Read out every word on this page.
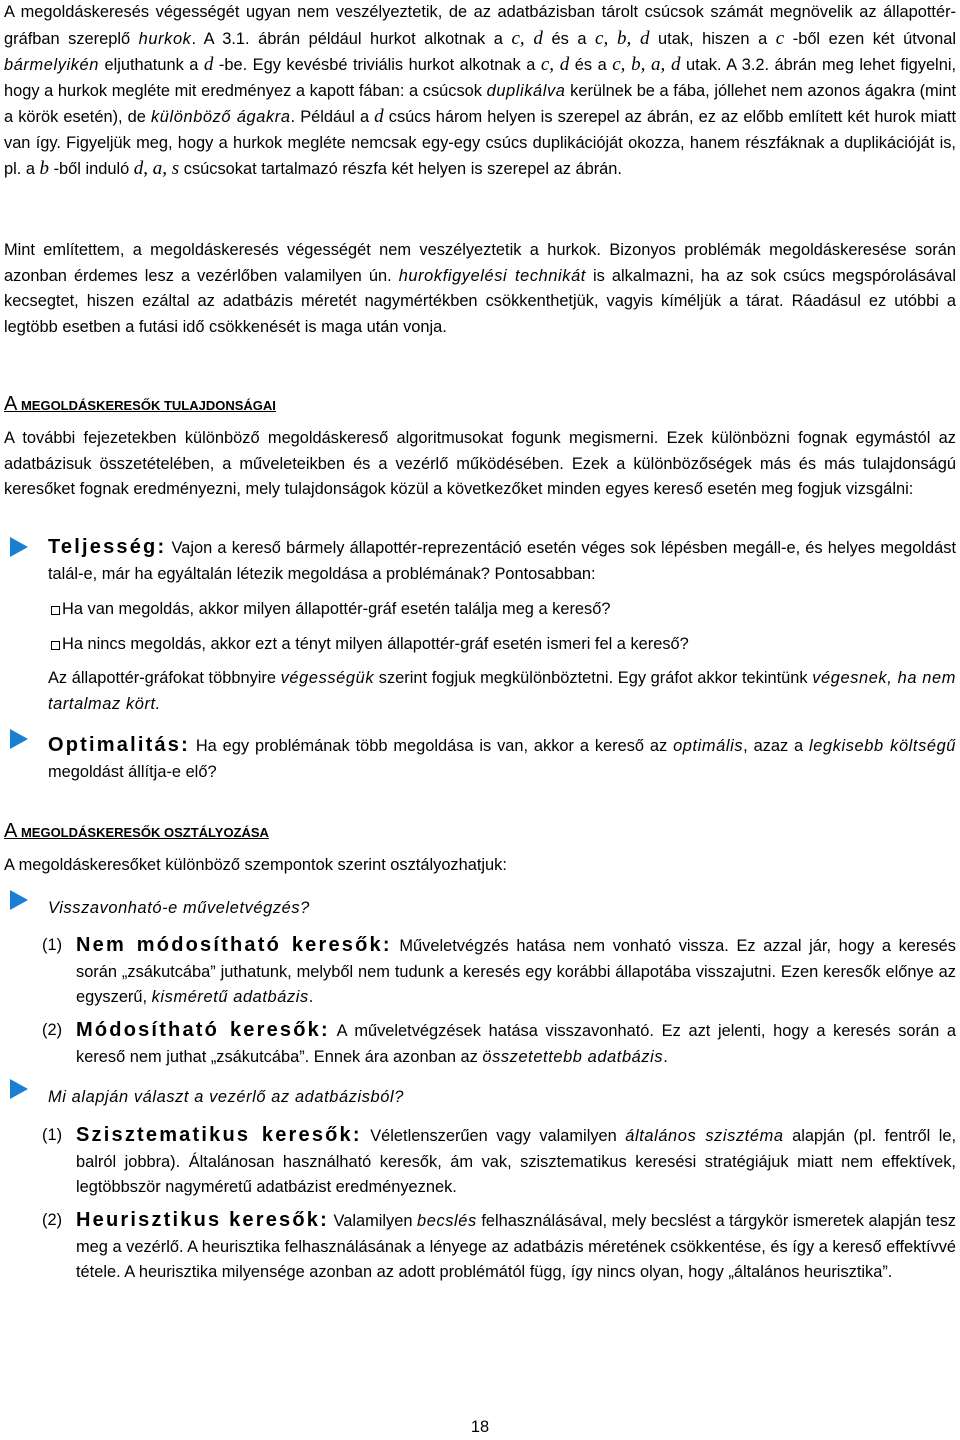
A megoldáskeresés végességét ugyan nem veszélyeztetik, de az adatbázisban tárolt csúcsok számát megnövelik az állapottér-gráfban szereplő hurkok. A 3.1. ábrán például hurkot alkotnak a c, d és a c, b, d utak, hiszen a c -ből ezen két útvonal bármelyikén eljuthatunk a d -be. Egy kevésbé triviális hurkot alkotnak a c, d és a c, b, a, d utak. A 3.2. ábrán meg lehet figyelni, hogy a hurkok megléte mit eredményez a kapott fában: a csúcsok duplikálva kerülnek be a fába, jóllehet nem azonos ágakra (mint a körök esetén), de különböző ágakra. Például a d csúcs három helyen is szerepel az ábrán, ez az előbb említett két hurok miatt van így. Figyeljük meg, hogy a hurkok megléte nemcsak egy-egy csúcs duplikációját okozza, hanem részfáknak a duplikációját is, pl. a b -ből induló d, a, s csúcsokat tartalmazó részfa két helyen is szerepel az ábrán.

Mint említettem, a megoldáskeresés végességét nem veszélyeztetik a hurkok. Bizonyos problémák megoldáskeresése során azonban érdemes lesz a vezérlőben valamilyen ún. hurokfigyelési technikát is alkalmazni, ha az sok csúcs megspórolásával kecsegtet, hiszen ezáltal az adatbázis méretét nagymértékben csökkenthetjük, vagyis kíméljük a tárat. Ráadásul ez utóbbi a legtöbb esetben a futási idő csökkenését is maga után vonja.

A MEGOLDÁSKERESŐK TULAJDONSÁGAI

A további fejezetekben különböző megoldáskereső algoritmusokat fogunk megismerni. Ezek különbözni fognak egymástól az adatbázisuk összetételében, a műveleteikben és a vezérlő működésében. Ezek a különbözőségek más és más tulajdonságú keresőket fognak eredményezni, mely tulajdonságok közül a következőket minden egyes kereső esetén meg fogjuk vizsgálni:

Teljesség: Vajon a kereső bármely állapottér-reprezentáció esetén véges sok lépésben megáll-e, és helyes megoldást talál-e, már ha egyáltalán létezik megoldása a problémának? Pontosabban:

Ha van megoldás, akkor milyen állapottér-gráf esetén találja meg a kereső?

Ha nincs megoldás, akkor ezt a tényt milyen állapottér-gráf esetén ismeri fel a kereső?

Az állapottér-gráfokat többnyire végességük szerint fogjuk megkülönböztetni. Egy gráfot akkor tekintünk végesnek, ha nem tartalmaz kört.

Optimalitás: Ha egy problémának több megoldása is van, akkor a kereső az optimális, azaz a legkisebb költségű megoldást állítja-e elő?

A MEGOLDÁSKERESŐK OSZTÁLYOZÁSA

A megoldáskeresőket különböző szempontok szerint osztályozhatjuk:

Visszavonható-e műveletvégzés?

(1) Nem módosítható keresők: Műveletvégzés hatása nem vonható vissza. Ez azzal jár, hogy a keresés során „zsákutcába” juthatunk, melyből nem tudunk a keresés egy korábbi állapotába visszajutni. Ezen keresők előnye az egyszerű, kisméretű adatbázis.

(2) Módosítható keresők: A műveletvégzések hatása visszavonható. Ez azt jelenti, hogy a keresés során a kereső nem juthat „zsákutcába”. Ennek ára azonban az összetettebb adatbázis.

Mi alapján választ a vezérlő az adatbázisból?

(1) Szisztematikus keresők: Véletlenszerűen vagy valamilyen általános szisztéma alapján (pl. fentről le, balról jobbra). Általánosan használható keresők, ám vak, szisztematikus keresési stratégiájuk miatt nem effektívek, legtöbbször nagyméretű adatbázist eredményeznek.

(2) Heurisztikus keresők: Valamilyen becslés felhasználásával, mely becslést a tárgykör ismeretek alapján tesz meg a vezérlő. A heurisztika felhasználásának a lényege az adatbázis méretének csökkentése, és így a kereső effektívvé tétele. A heurisztika milyensége azonban az adott problémától függ, így nincs olyan, hogy „általános heurisztika”.

18
